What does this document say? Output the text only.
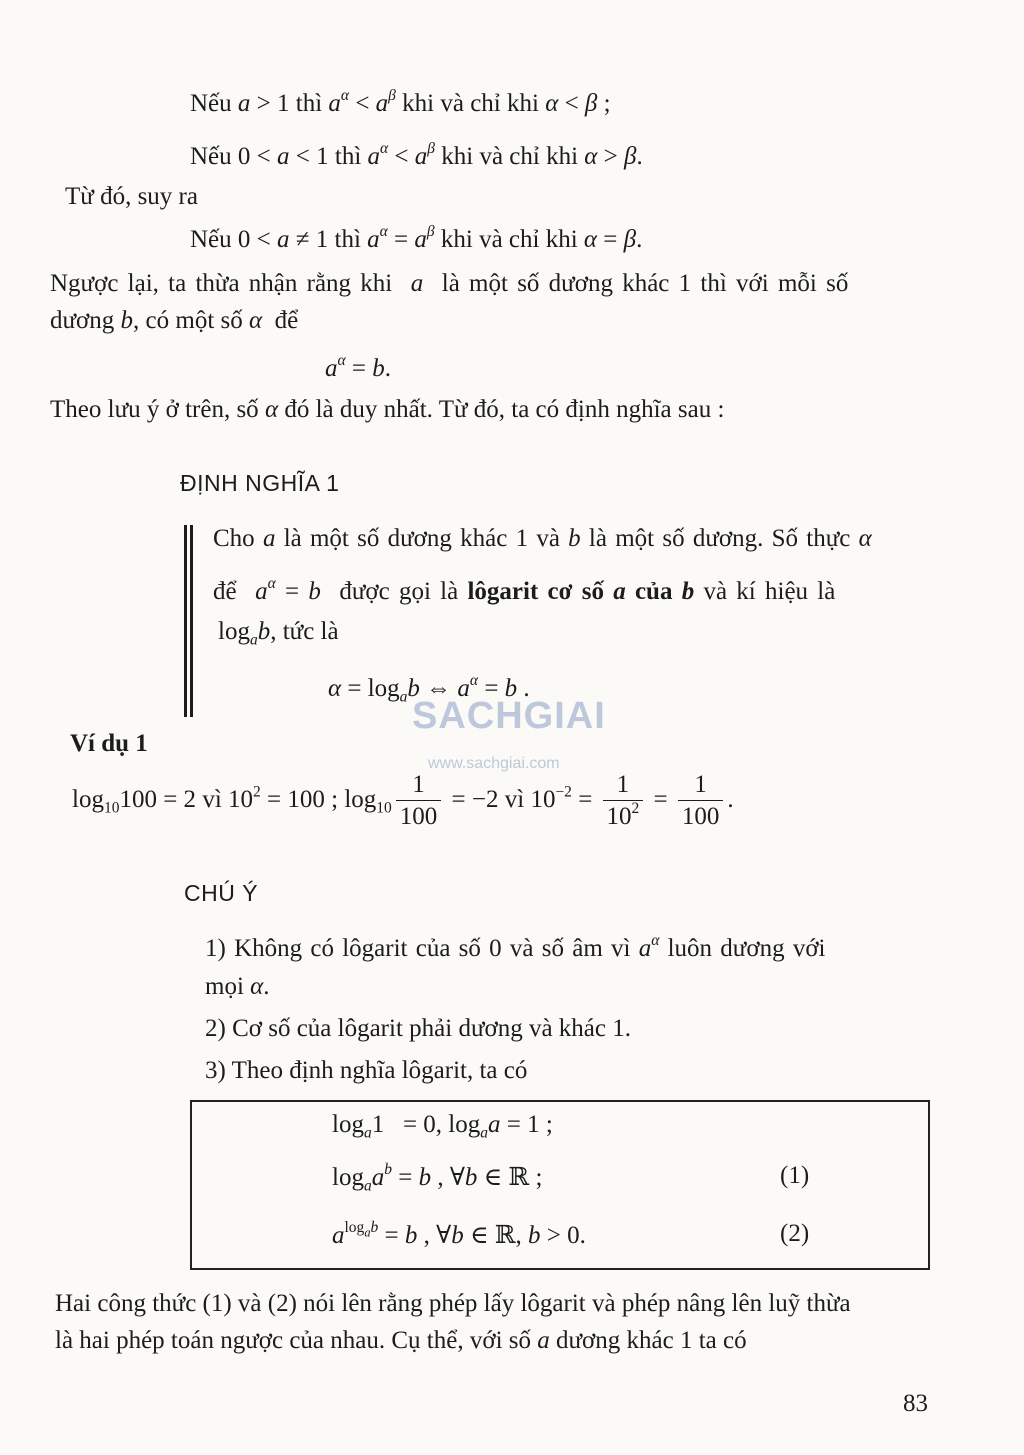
Nếu a > 1 thì $a^\alpha < a^\beta$ khi và chỉ khi α < β ;
Nếu 0 < a < 1 thì $a^\alpha < a^\beta$ khi và chỉ khi α > β.
Từ đó, suy ra
Nếu 0 < a ≠ 1 thì $a^\alpha = a^\beta$ khi và chỉ khi α = β.
Ngược lại, ta thừa nhận rằng khi a là một số dương khác 1 thì với mỗi số
dương b, có một số α để
$a^\alpha = b$.
Theo lưu ý ở trên, số α đó là duy nhất. Từ đó, ta có định nghĩa sau :
ĐỊNH NGHĨA 1
Cho a là một số dương khác 1 và b là một số dương. Số thực α
để $a^\alpha = b$ được gọi là lôgarit cơ số a của b và kí hiệu là
$\log_ab$, tức là
$\alpha = \log_ab$ ⇔ $a^\alpha = b$ .
SACHGIAI
www.sachgiai.com
Ví dụ 1
$\log_{10}100 = 2$ vì $10^2 = 100$ ; $\log_{10} \frac{1}{100} = -2$ vì $10^{-2} = \frac{1}{10^2} = \frac{1}{100}$ .
CHÚ Ý
1) Không có lôgarit của số 0 và số âm vì $a^\alpha$ luôn dương với
mọi α.
2) Cơ số của lôgarit phải dương và khác 1.
3) Theo định nghĩa lôgarit, ta có
$\log_a1 = 0$, $\log_aa = 1$ ;
$\log_aa^b = b$ , ∀b ∈ ℝ ;	(1)
$a^{log_ab} = b$ , ∀b ∈ ℝ, b > 0.	(2)
Hai công thức (1) và (2) nói lên rằng phép lấy lôgarit và phép nâng lên luỹ thừa
là hai phép toán ngược của nhau. Cụ thể, với số a dương khác 1 ta có
83
